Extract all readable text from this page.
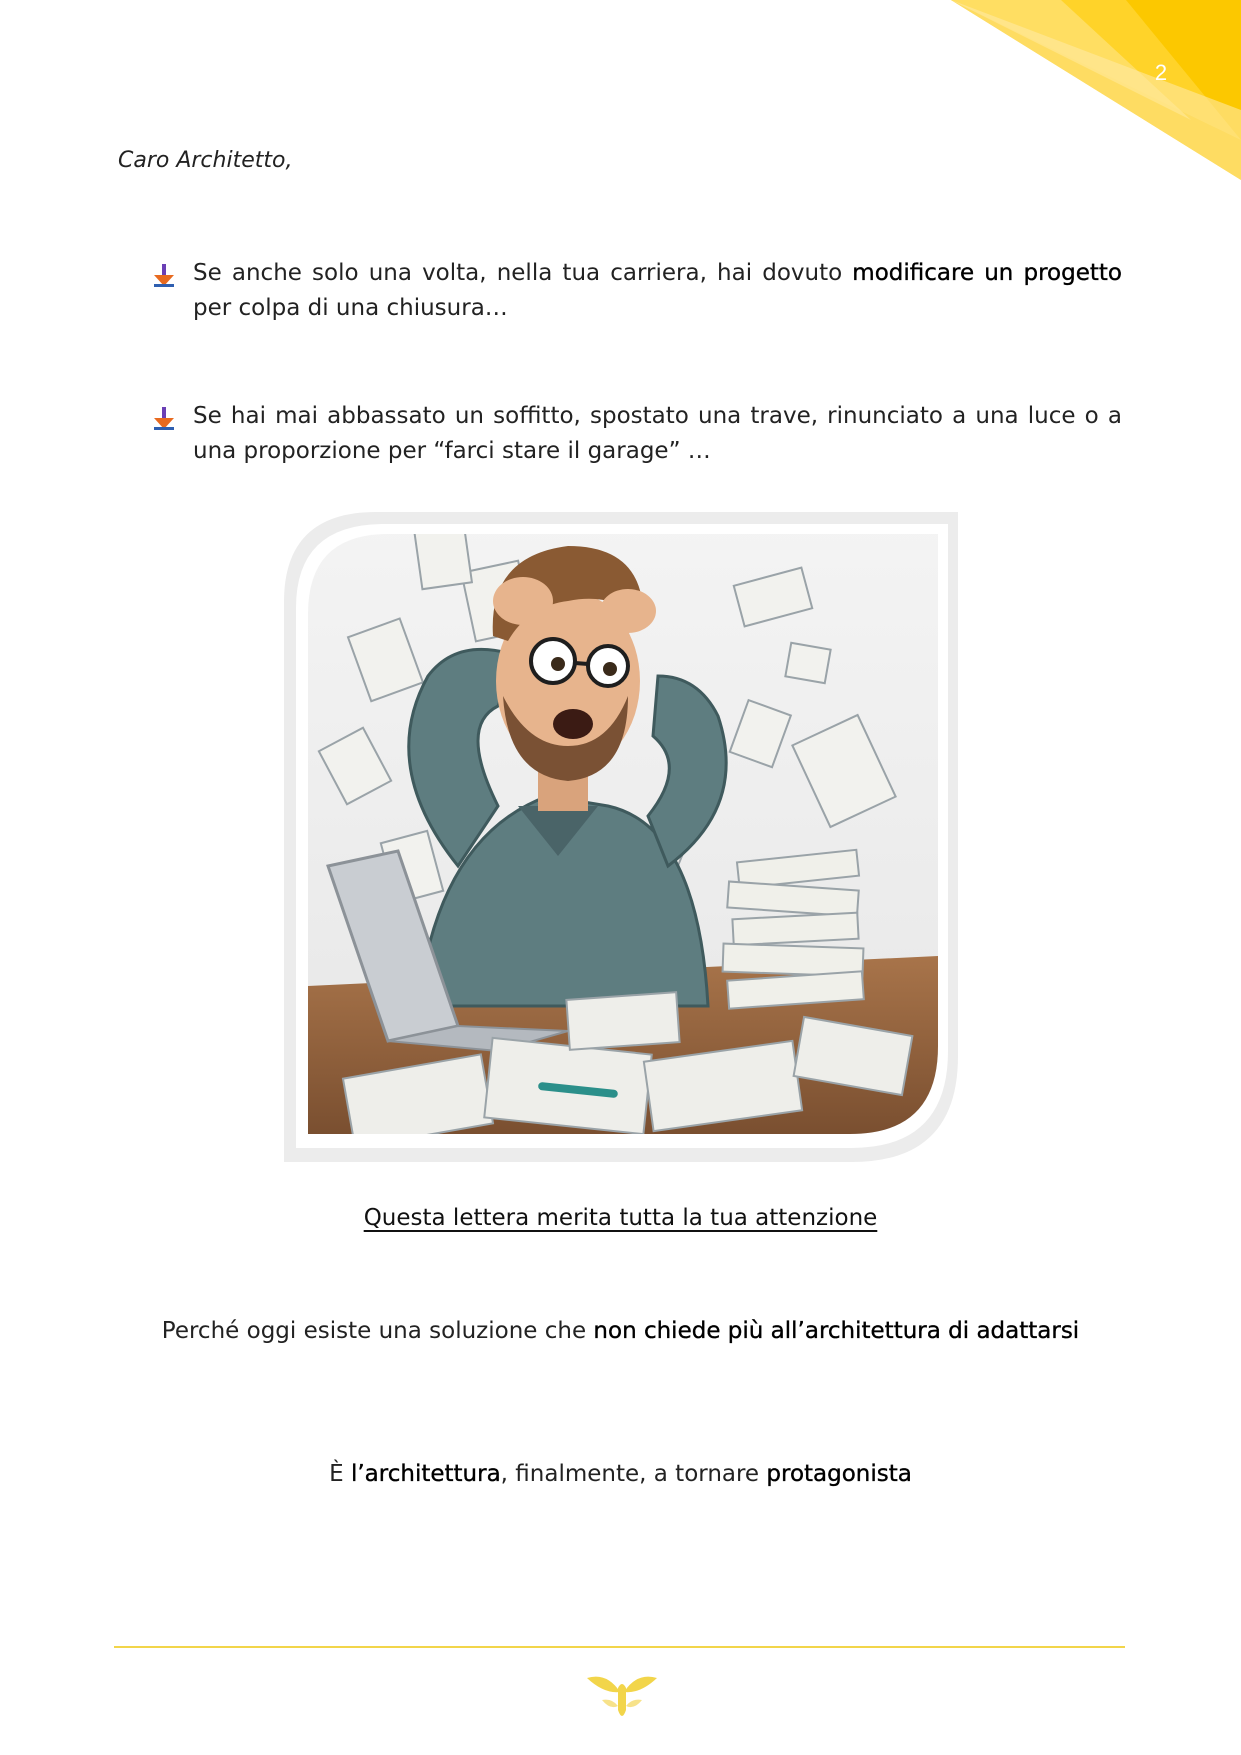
2
Caro Architetto,
Se anche solo una volta, nella tua carriera, hai dovuto modificare un progetto per colpa di una chiusura…
Se hai mai abbassato un soffitto, spostato una trave, rinunciato a una luce o a una proporzione per “farci stare il garage” …
Questa lettera merita tutta la tua attenzione
Perché oggi esiste una soluzione che non chiede più all’architettura di adattarsi
È l’architettura, finalmente, a tornare protagonista
